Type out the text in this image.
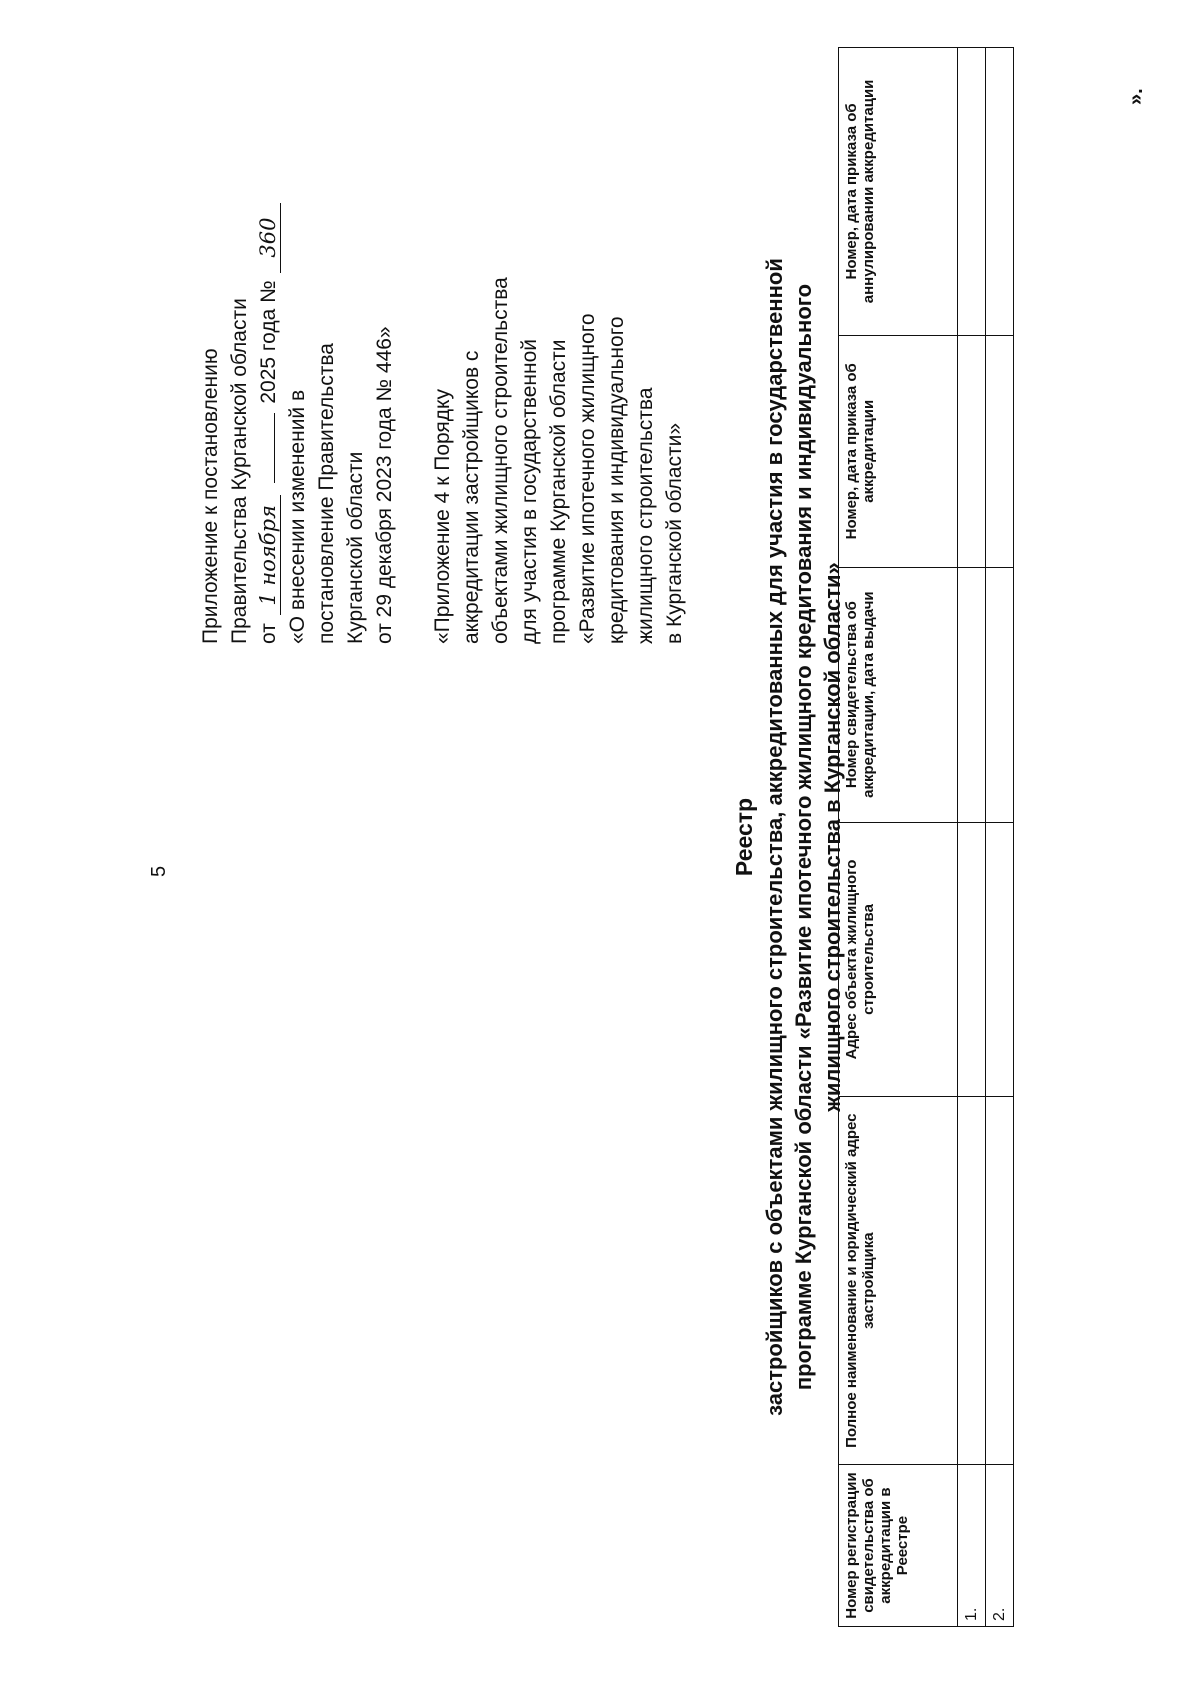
5
Приложение к постановлению Правительства Курганской области от 1 ноября  2025 года № 360
«О внесении изменений в постановление Правительства Курганской области от 29 декабря 2023 года № 446» «Приложение 4 к Порядку аккредитации застройщиков с объектами жилищного строительства для участия в государственной программе Курганской области «Развитие ипотечного жилищного кредитования и индивидуального жилищного строительства в Курганской области»
Реестр застройщиков с объектами жилищного строительства, аккредитованных для участия в государственной программе Курганской области «Развитие ипотечного жилищного кредитования и индивидуального жилищного строительства в Курганской области»
Номер регистрации свидетельства об аккредитации в Реестре	Полное наименование и юридический адрес застройщика	Адрес объекта жилищного строительства	Номер свидетельства об аккредитации, дата выдачи	Номер, дата приказа об аккредитации	Номер, дата приказа об аннулировании аккредитации
1.					
2.					
».
